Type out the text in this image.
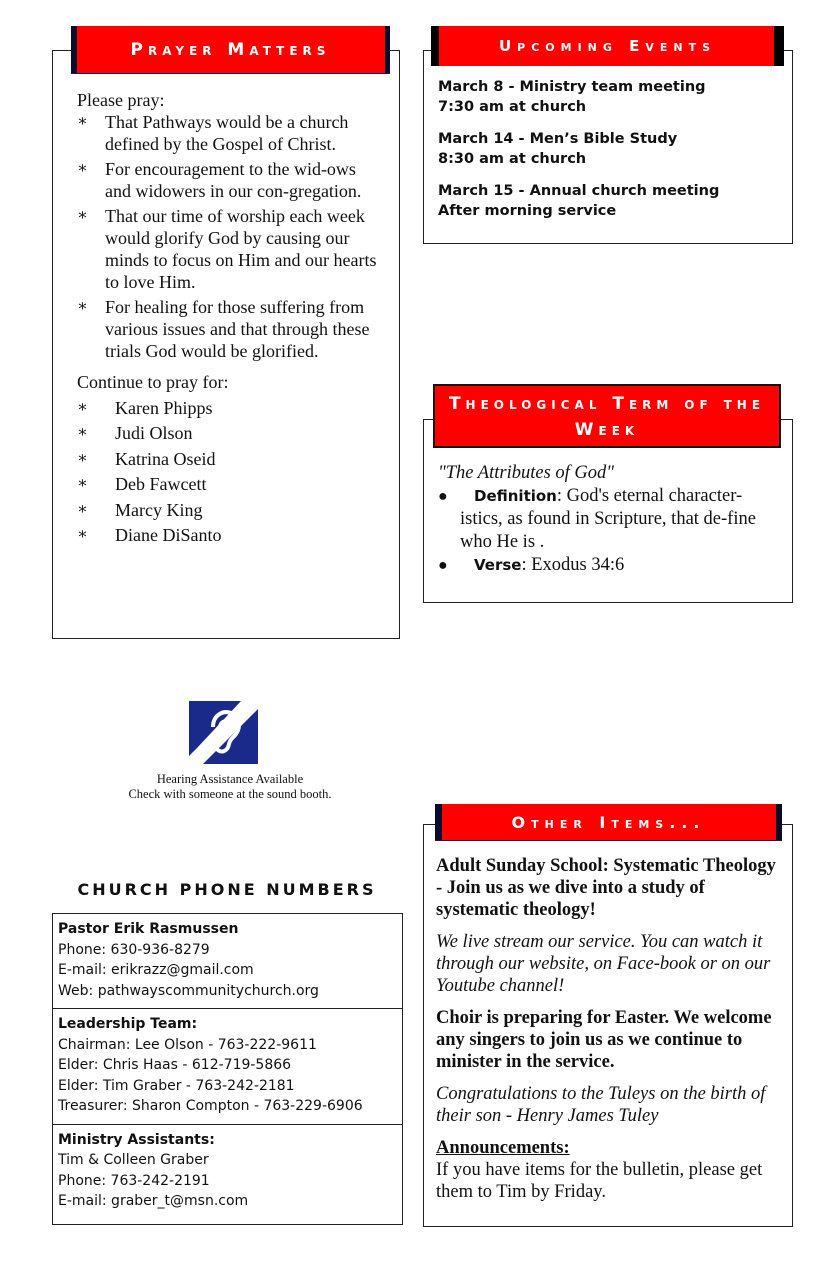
Please pray:
∗ That Pathways would be a church defined by the Gospel of Christ.
∗ For encouragement to the wid-ows and widowers in our con-gregation.
∗ That our time of worship each week would glorify God by causing our minds to focus on Him and our hearts to love Him.
∗ For healing for those suffering from various issues and that through these trials God would be glorified.
Continue to pray for:
∗	Karen Phipps
∗	Judi Olson
∗	Katrina Oseid
∗	Deb Fawcett
∗	Marcy King
∗	Diane DiSanto
Prayer Matters
March 8 - Ministry team meeting
7:30 am at church
March 14 - Men’s Bible Study
8:30 am at church
March 15 - Annual church meeting
After morning service
Upcoming Events
"The Attributes of God"
●	Definition: God's eternal character-istics, as found in Scripture, that de-fine who He is .
●	Verse: Exodus 34:6
Theological Term of the Week
Hearing Assistance Available
Check with someone at the sound booth.
CHURCH PHONE NUMBERS
Pastor Erik Rasmussen
Phone: 630-936-8279
E-mail: erikrazz@gmail.com
Web: pathwayscommunitychurch.org
Leadership Team:
Chairman: Lee Olson - 763-222-9611
Elder: Chris Haas - 612-719-5866
Elder: Tim Graber - 763-242-2181
Treasurer: Sharon Compton - 763-229-6906
Ministry Assistants:
Tim & Colleen Graber
Phone: 763-242-2191
E-mail: graber_t@msn.com

Adult Sunday School: Systematic Theology - Join us as we dive into a study of systematic theology!

We live stream our service. You can watch it through our website, on Face-book or on our Youtube channel!

Choir is preparing for Easter. We welcome any singers to join us as we continue to minister in the service.

Congratulations to the Tuleys on the birth of their son - Henry James Tuley

Announcements:
If you have items for the bulletin, please get them to Tim by Friday.
Other Items...
